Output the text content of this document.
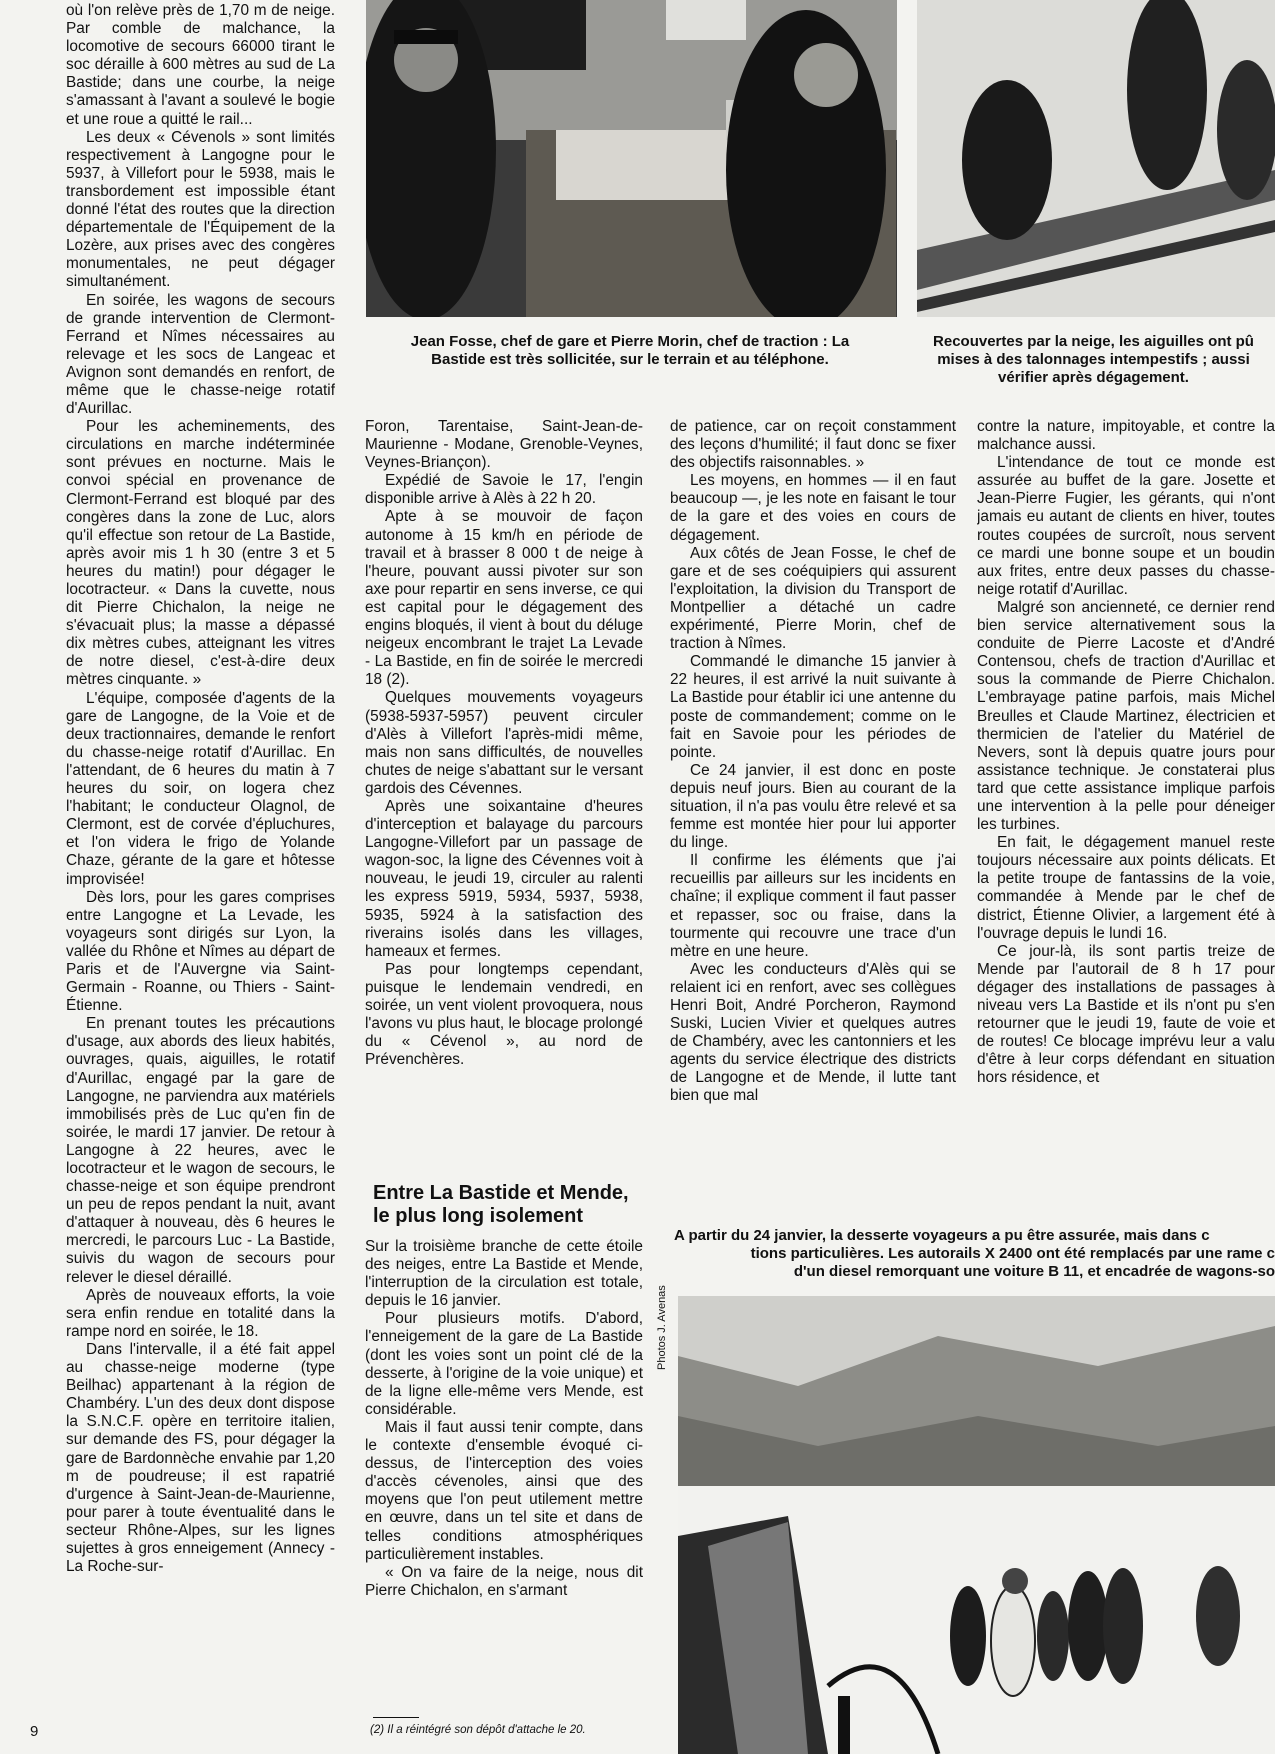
où l'on relève près de 1,70 m de neige. Par comble de malchance, la locomotive de secours 66000 tirant le soc déraille à 600 mètres au sud de La Bastide; dans une courbe, la neige s'amassant à l'avant a soulevé le bogie et une roue a quitté le rail...

Les deux « Cévenols » sont limités respectivement à Langogne pour le 5937, à Villefort pour le 5938, mais le transbordement est impossible étant donné l'état des routes que la direction départementale de l'Équipement de la Lozère, aux prises avec des congères monumentales, ne peut dégager simultanément.

En soirée, les wagons de secours de grande intervention de Clermont-Ferrand et Nîmes nécessaires au relevage et les socs de Langeac et Avignon sont demandés en renfort, de même que le chasse-neige rotatif d'Aurillac.

Pour les acheminements, des circulations en marche indéterminée sont prévues en nocturne. Mais le convoi spécial en provenance de Clermont-Ferrand est bloqué par des congères dans la zone de Luc, alors qu'il effectue son retour de La Bastide, après avoir mis 1 h 30 (entre 3 et 5 heures du matin!) pour dégager le locotracteur. « Dans la cuvette, nous dit Pierre Chichalon, la neige ne s'évacuait plus; la masse a dépassé dix mètres cubes, atteignant les vitres de notre diesel, c'est-à-dire deux mètres cinquante. »

L'équipe, composée d'agents de la gare de Langogne, de la Voie et de deux tractionnaires, demande le renfort du chasse-neige rotatif d'Aurillac. En l'attendant, de 6 heures du matin à 7 heures du soir, on logera chez l'habitant; le conducteur Olagnol, de Clermont, est de corvée d'épluchures, et l'on videra le frigo de Yolande Chaze, gérante de la gare et hôtesse improvisée!

Dès lors, pour les gares comprises entre Langogne et La Levade, les voyageurs sont dirigés sur Lyon, la vallée du Rhône et Nîmes au départ de Paris et de l'Auvergne via Saint-Germain - Roanne, ou Thiers - Saint-Étienne.

En prenant toutes les précautions d'usage, aux abords des lieux habités, ouvrages, quais, aiguilles, le rotatif d'Aurillac, engagé par la gare de Langogne, ne parviendra aux matériels immobilisés près de Luc qu'en fin de soirée, le mardi 17 janvier. De retour à Langogne à 22 heures, avec le locotracteur et le wagon de secours, le chasse-neige et son équipe prendront un peu de repos pendant la nuit, avant d'attaquer à nouveau, dès 6 heures le mercredi, le parcours Luc - La Bastide, suivis du wagon de secours pour relever le diesel déraillé.

Après de nouveaux efforts, la voie sera enfin rendue en totalité dans la rampe nord en soirée, le 18.

Dans l'intervalle, il a été fait appel au chasse-neige moderne (type Beilhac) appartenant à la région de Chambéry. L'un des deux dont dispose la S.N.C.F. opère en territoire italien, sur demande des FS, pour dégager la gare de Bardonnèche envahie par 1,20 m de poudreuse; il est rapatrié d'urgence à Saint-Jean-de-Maurienne, pour parer à toute éventualité dans le secteur Rhône-Alpes, sur les lignes sujettes à gros enneigement (Annecy - La Roche-sur-

Jean Fosse, chef de gare et Pierre Morin, chef de traction : La
Bastide est très sollicitée, sur le terrain et au téléphone.
Recouvertes par la neige, les aiguilles ont pû
mises à des talonnages intempestifs ; aussi
vérifier après dégagement.

Foron, Tarentaise, Saint-Jean-de-Maurienne - Modane, Grenoble-Veynes, Veynes-Briançon).

Expédié de Savoie le 17, l'engin disponible arrive à Alès à 22 h 20.

Apte à se mouvoir de façon autonome à 15 km/h en période de travail et à brasser 8 000 t de neige à l'heure, pouvant aussi pivoter sur son axe pour repartir en sens inverse, ce qui est capital pour le dégagement des engins bloqués, il vient à bout du déluge neigeux encombrant le trajet La Levade - La Bastide, en fin de soirée le mercredi 18 (2).

Quelques mouvements voyageurs (5938-5937-5957) peuvent circuler d'Alès à Villefort l'après-midi même, mais non sans difficultés, de nouvelles chutes de neige s'abattant sur le versant gardois des Cévennes.

Après une soixantaine d'heures d'interception et balayage du parcours Langogne-Villefort par un passage de wagon-soc, la ligne des Cévennes voit à nouveau, le jeudi 19, circuler au ralenti les express 5919, 5934, 5937, 5938, 5935, 5924 à la satisfaction des riverains isolés dans les villages, hameaux et fermes.

Pas pour longtemps cependant, puisque le lendemain vendredi, en soirée, un vent violent provoquera, nous l'avons vu plus haut, le blocage prolongé du « Cévenol », au nord de Prévenchères.

Entre La Bastide et Mende,
le plus long isolement

Sur la troisième branche de cette étoile des neiges, entre La Bastide et Mende, l'interruption de la circulation est totale, depuis le 16 janvier.

Pour plusieurs motifs. D'abord, l'enneigement de la gare de La Bastide (dont les voies sont un point clé de la desserte, à l'origine de la voie unique) et de la ligne elle-même vers Mende, est considérable.

Mais il faut aussi tenir compte, dans le contexte d'ensemble évoqué ci-dessus, de l'interception des voies d'accès cévenoles, ainsi que des moyens que l'on peut utilement mettre en œuvre, dans un tel site et dans de telles conditions atmosphériques particulièrement instables.

« On va faire de la neige, nous dit Pierre Chichalon, en s'armant

(2) Il a réintégré son dépôt d'attache le 20.

de patience, car on reçoit constamment des leçons d'humilité; il faut donc se fixer des objectifs raisonnables. »

Les moyens, en hommes — il en faut beaucoup —, je les note en faisant le tour de la gare et des voies en cours de dégagement.

Aux côtés de Jean Fosse, le chef de gare et de ses coéquipiers qui assurent l'exploitation, la division du Transport de Montpellier a détaché un cadre expérimenté, Pierre Morin, chef de traction à Nîmes.

Commandé le dimanche 15 janvier à 22 heures, il est arrivé la nuit suivante à La Bastide pour établir ici une antenne du poste de commandement; comme on le fait en Savoie pour les périodes de pointe.

Ce 24 janvier, il est donc en poste depuis neuf jours. Bien au courant de la situation, il n'a pas voulu être relevé et sa femme est montée hier pour lui apporter du linge.

Il confirme les éléments que j'ai recueillis par ailleurs sur les incidents en chaîne; il explique comment il faut passer et repasser, soc ou fraise, dans la tourmente qui recouvre une trace d'un mètre en une heure.

Avec les conducteurs d'Alès qui se relaient ici en renfort, avec ses collègues Henri Boit, André Porcheron, Raymond Suski, Lucien Vivier et quelques autres de Chambéry, avec les cantonniers et les agents du service électrique des districts de Langogne et de Mende, il lutte tant bien que mal

contre la nature, impitoyable, et contre la malchance aussi.

L'intendance de tout ce monde est assurée au buffet de la gare. Josette et Jean-Pierre Fugier, les gérants, qui n'ont jamais eu autant de clients en hiver, toutes routes coupées de surcroît, nous servent ce mardi une bonne soupe et un boudin aux frites, entre deux passes du chasse-neige rotatif d'Aurillac.

Malgré son ancienneté, ce dernier rend bien service alternativement sous la conduite de Pierre Lacoste et d'André Contensou, chefs de traction d'Aurillac et sous la commande de Pierre Chichalon. L'embrayage patine parfois, mais Michel Breulles et Claude Martinez, électricien et thermicien de l'atelier du Matériel de Nevers, sont là depuis quatre jours pour assistance technique. Je constaterai plus tard que cette assistance implique parfois une intervention à la pelle pour déneiger les turbines.

En fait, le dégagement manuel reste toujours nécessaire aux points délicats. Et la petite troupe de fantassins de la voie, commandée à Mende par le chef de district, Étienne Olivier, a largement été à l'ouvrage depuis le lundi 16.

Ce jour-là, ils sont partis treize de Mende par l'autorail de 8 h 17 pour dégager des installations de passages à niveau vers La Bastide et ils n'ont pu s'en retourner que le jeudi 19, faute de voie et de routes! Ce blocage imprévu leur a valu d'être à leur corps défendant en situation hors résidence, et

A partir du 24 janvier, la desserte voyageurs a pu être assurée, mais dans c
tions particulières. Les autorails X 2400 ont été remplacés par une rame c
d'un diesel remorquant une voiture B 11, et encadrée de wagons-so
Photos J. Avenas
9
